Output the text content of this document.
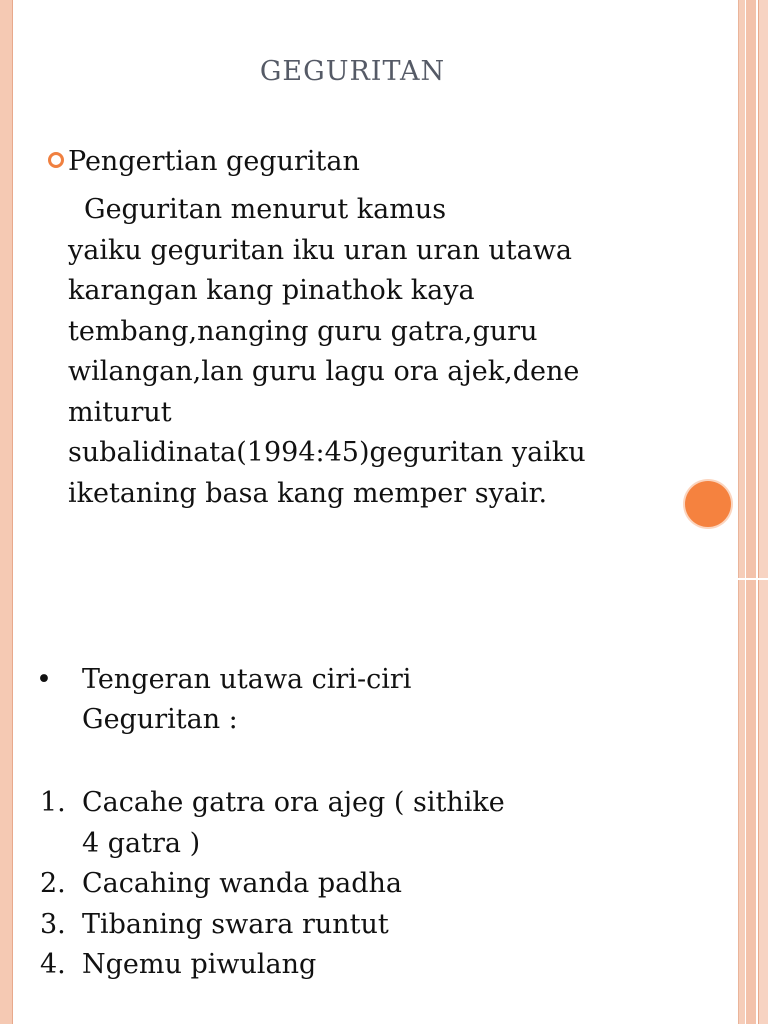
GEGURITAN
Pengertian geguritan
Geguritan menurut kamus
yaiku geguritan iku uran uran utawa
karangan kang pinathok kaya
tembang,nanging guru gatra,guru
wilangan,lan guru lagu ora ajek,dene
miturut
subalidinata(1994:45)geguritan yaiku
iketaning basa kang memper syair.
• Tengeran utawa ciri-ciri
Geguritan :
1. Cacahe gatra ora ajeg ( sithike
4 gatra )
2. Cacahing wanda padha
3. Tibaning swara runtut
4. Ngemu piwulang
